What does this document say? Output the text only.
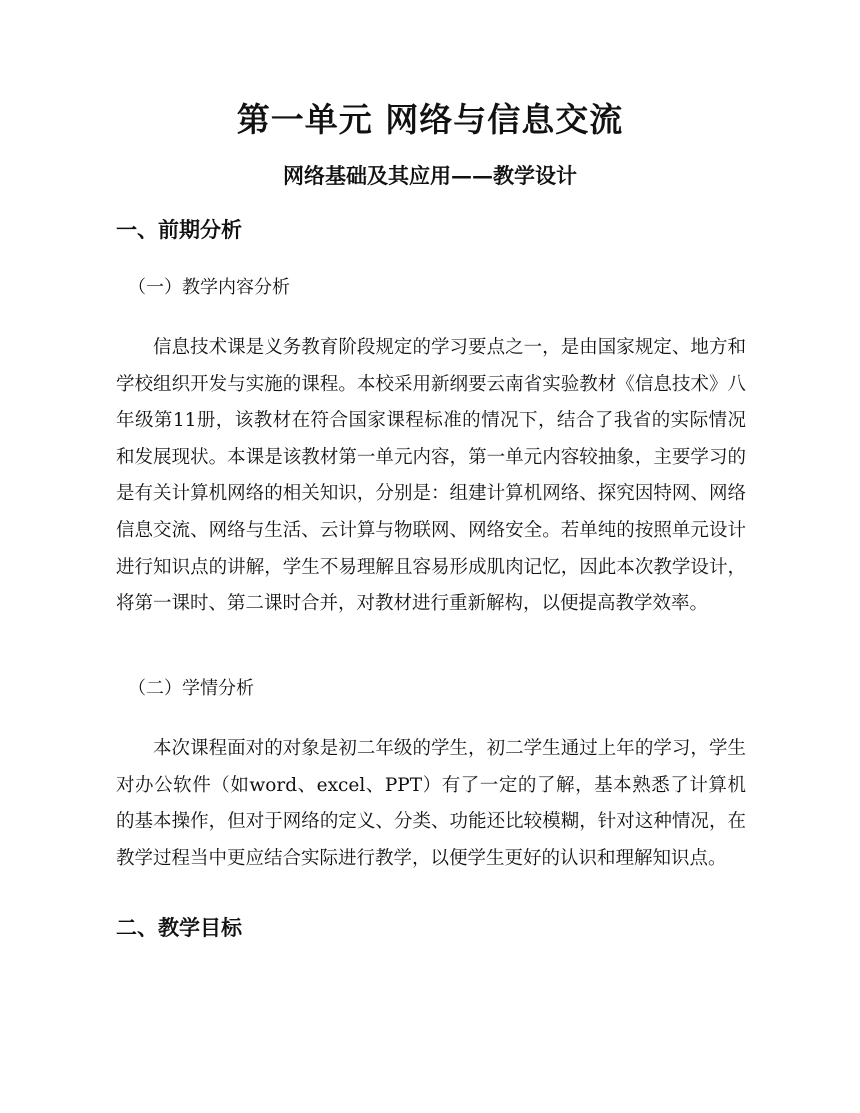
第一单元 网络与信息交流
网络基础及其应用——教学设计
一、前期分析
（一）教学内容分析

信息技术课是义务教育阶段规定的学习要点之一，是由国家规定、地方和学校组织开发与实施的课程。本校采用新纲要云南省实验教材《信息技术》八年级第11册，该教材在符合国家课程标准的情况下，结合了我省的实际情况和发展现状。本课是该教材第一单元内容，第一单元内容较抽象，主要学习的是有关计算机网络的相关知识，分别是：组建计算机网络、探究因特网、网络信息交流、网络与生活、云计算与物联网、网络安全。若单纯的按照单元设计进行知识点的讲解，学生不易理解且容易形成肌肉记忆，因此本次教学设计，将第一课时、第二课时合并，对教材进行重新解构，以便提高教学效率。

（二）学情分析

本次课程面对的对象是初二年级的学生，初二学生通过上年的学习，学生对办公软件（如word、excel、PPT）有了一定的了解，基本熟悉了计算机的基本操作，但对于网络的定义、分类、功能还比较模糊，针对这种情况，在教学过程当中更应结合实际进行教学，以便学生更好的认识和理解知识点。

二、教学目标
